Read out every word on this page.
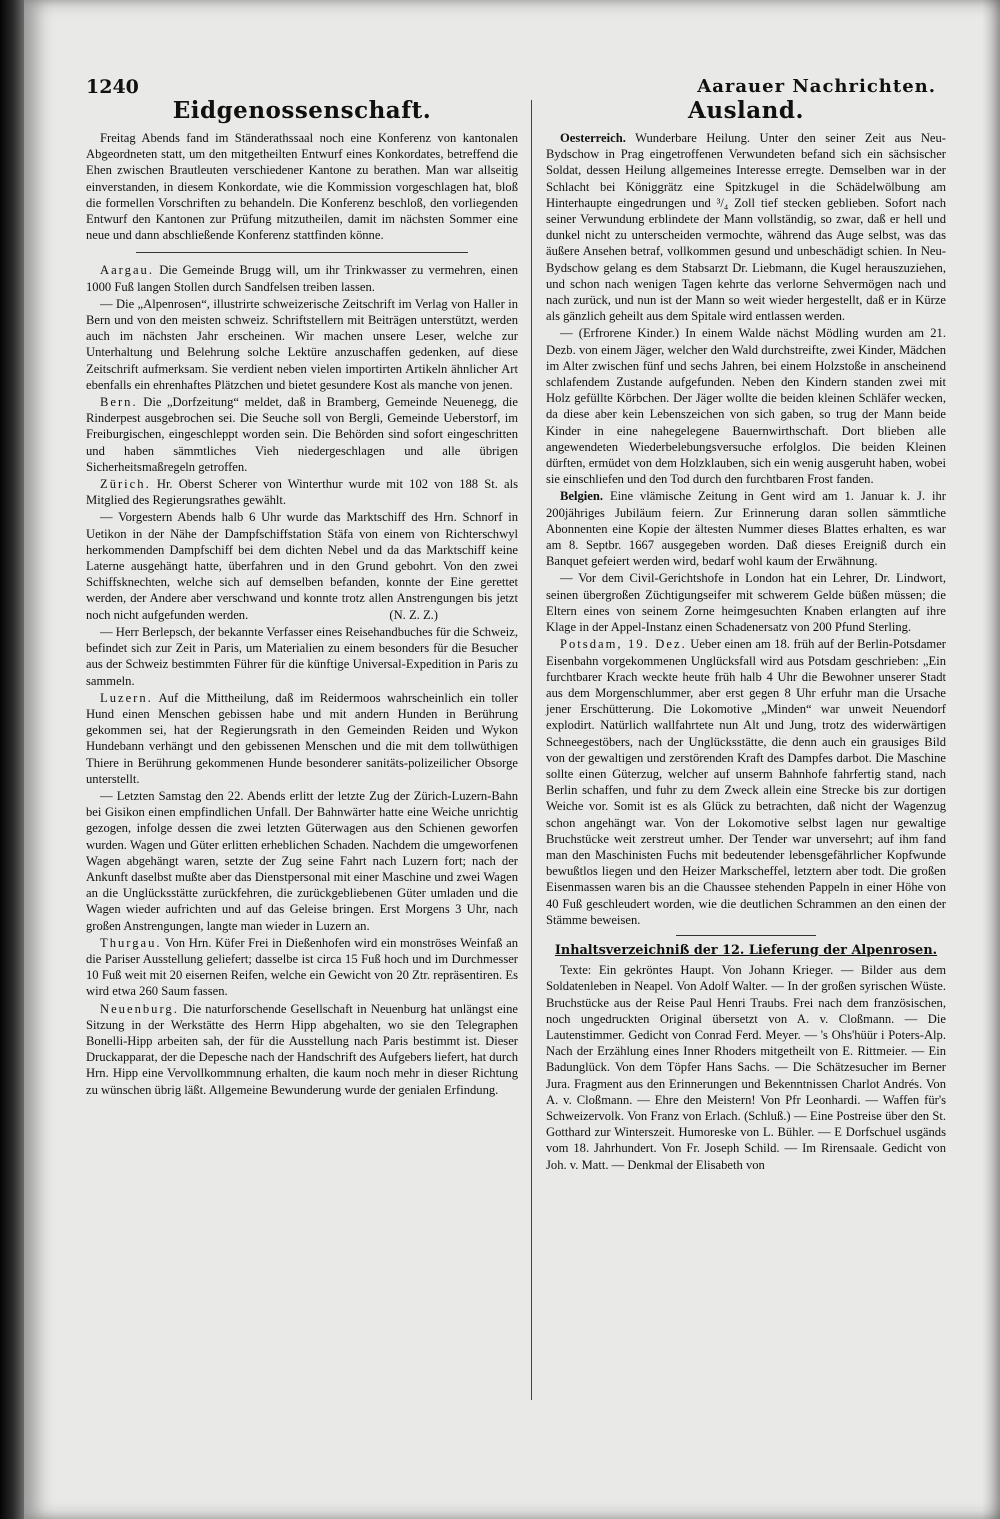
1240	Aarauer Nachrichten.
Eidgenossenschaft.

Freitag Abends fand im Ständerathssaal noch eine Konferenz von kantonalen Abgeordneten statt, um den mitgetheilten Entwurf eines Konkordates, betreffend die Ehen zwischen Brautleuten verschiedener Kantone zu berathen. Man war allseitig einverstanden, in diesem Konkordate, wie die Kommission vorgeschlagen hat, bloß die formellen Vorschriften zu behandeln. Die Konferenz beschloß, den vorliegenden Entwurf den Kantonen zur Prüfung mitzutheilen, damit im nächsten Sommer eine neue und dann abschließende Konferenz stattfinden könne.

Aargau. Die Gemeinde Brugg will, um ihr Trinkwasser zu vermehren, einen 1000 Fuß langen Stollen durch Sandfelsen treiben lassen.

— Die „Alpenrosen“, illustrirte schweizerische Zeitschrift im Verlag von Haller in Bern und von den meisten schweiz. Schriftstellern mit Beiträgen unterstützt, werden auch im nächsten Jahr erscheinen. Wir machen unsere Leser, welche zur Unterhaltung und Belehrung solche Lektüre anzuschaffen gedenken, auf diese Zeitschrift aufmerksam. Sie verdient neben vielen importirten Artikeln ähnlicher Art ebenfalls ein ehrenhaftes Plätzchen und bietet gesundere Kost als manche von jenen.

Bern. Die „Dorfzeitung“ meldet, daß in Bramberg, Gemeinde Neuenegg, die Rinderpest ausgebrochen sei. Die Seuche soll von Bergli, Gemeinde Ueberstorf, im Freiburgischen, eingeschleppt worden sein. Die Behörden sind sofort eingeschritten und haben sämmtliches Vieh niedergeschlagen und alle übrigen Sicherheitsmaßregeln getroffen.

Zürich. Hr. Oberst Scherer von Winterthur wurde mit 102 von 188 St. als Mitglied des Regierungsrathes gewählt.

— Vorgestern Abends halb 6 Uhr wurde das Marktschiff des Hrn. Schnorf in Uetikon in der Nähe der Dampfschiffstation Stäfa von einem von Richterschwyl herkommenden Dampfschiff bei dem dichten Nebel und da das Marktschiff keine Laterne ausgehängt hatte, überfahren und in den Grund gebohrt. Von den zwei Schiffsknechten, welche sich auf demselben befanden, konnte der Eine gerettet werden, der Andere aber verschwand und konnte trotz allen Anstrengungen bis jetzt noch nicht aufgefunden werden.	(N. Z. Z.)

— Herr Berlepsch, der bekannte Verfasser eines Reisehandbuches für die Schweiz, befindet sich zur Zeit in Paris, um Materialien zu einem besonders für die Besucher aus der Schweiz bestimmten Führer für die künftige Universal-Expedition in Paris zu sammeln.

Luzern. Auf die Mittheilung, daß im Reidermoos wahrscheinlich ein toller Hund einen Menschen gebissen habe und mit andern Hunden in Berührung gekommen sei, hat der Regierungsrath in den Gemeinden Reiden und Wykon Hundebann verhängt und den gebissenen Menschen und die mit dem tollwüthigen Thiere in Berührung gekommenen Hunde besonderer sanitäts-polizeilicher Obsorge unterstellt.

— Letzten Samstag den 22. Abends erlitt der letzte Zug der Zürich-Luzern-Bahn bei Gisikon einen empfindlichen Unfall. Der Bahnwärter hatte eine Weiche unrichtig gezogen, infolge dessen die zwei letzten Güterwagen aus den Schienen geworfen wurden. Wagen und Güter erlitten erheblichen Schaden. Nachdem die umgeworfenen Wagen abgehängt waren, setzte der Zug seine Fahrt nach Luzern fort; nach der Ankunft daselbst mußte aber das Dienstpersonal mit einer Maschine und zwei Wagen an die Unglücksstätte zurückfehren, die zurückgebliebenen Güter umladen und die Wagen wieder aufrichten und auf das Geleise bringen. Erst Morgens 3 Uhr, nach großen Anstrengungen, langte man wieder in Luzern an.

Thurgau. Von Hrn. Küfer Frei in Dießenhofen wird ein monströses Weinfaß an die Pariser Ausstellung geliefert; dasselbe ist circa 15 Fuß hoch und im Durchmesser 10 Fuß weit mit 20 eisernen Reifen, welche ein Gewicht von 20 Ztr. repräsentiren. Es wird etwa 260 Saum fassen.

Neuenburg. Die naturforschende Gesellschaft in Neuenburg hat unlängst eine Sitzung in der Werkstätte des Herrn Hipp abgehalten, wo sie den Telegraphen Bonelli-Hipp arbeiten sah, der für die Ausstellung nach Paris bestimmt ist. Dieser Druckapparat, der die Depesche nach der Handschrift des Aufgebers liefert, hat durch Hrn. Hipp eine Vervollkommnung erhalten, die kaum noch mehr in dieser Richtung zu wünschen übrig läßt. Allgemeine Bewunderung wurde der genialen Erfindung.

Ausland.

Oesterreich. Wunderbare Heilung. Unter den seiner Zeit aus Neu-Bydschow in Prag eingetroffenen Verwundeten befand sich ein sächsischer Soldat, dessen Heilung allgemeines Interesse erregte. Demselben war in der Schlacht bei Königgrätz eine Spitzkugel in die Schädelwölbung am Hinterhaupte eingedrungen und ³/₄ Zoll tief stecken geblieben. Sofort nach seiner Verwundung erblindete der Mann vollständig, so zwar, daß er hell und dunkel nicht zu unterscheiden vermochte, während das Auge selbst, was das äußere Ansehen betraf, vollkommen gesund und unbeschädigt schien. In Neu-Bydschow gelang es dem Stabsarzt Dr. Liebmann, die Kugel herauszuziehen, und schon nach wenigen Tagen kehrte das verlorne Sehvermögen nach und nach zurück, und nun ist der Mann so weit wieder hergestellt, daß er in Kürze als gänzlich geheilt aus dem Spitale wird entlassen werden.

— (Erfrorene Kinder.) In einem Walde nächst Mödling wurden am 21. Dezb. von einem Jäger, welcher den Wald durchstreifte, zwei Kinder, Mädchen im Alter zwischen fünf und sechs Jahren, bei einem Holzstoße in anscheinend schlafendem Zustande aufgefunden. Neben den Kindern standen zwei mit Holz gefüllte Körbchen. Der Jäger wollte die beiden kleinen Schläfer wecken, da diese aber kein Lebenszeichen von sich gaben, so trug der Mann beide Kinder in eine nahegelegene Bauernwirthschaft. Dort blieben alle angewendeten Wiederbelebungsversuche erfolglos. Die beiden Kleinen dürften, ermüdet von dem Holzklauben, sich ein wenig ausgeruht haben, wobei sie einschliefen und den Tod durch den furchtbaren Frost fanden.

Belgien. Eine vlämische Zeitung in Gent wird am 1. Januar k. J. ihr 200jähriges Jubiläum feiern. Zur Erinnerung daran sollen sämmtliche Abonnenten eine Kopie der ältesten Nummer dieses Blattes erhalten, es war am 8. Septbr. 1667 ausgegeben worden. Daß dieses Ereigniß durch ein Banquet gefeiert werden wird, bedarf wohl kaum der Erwähnung.

— Vor dem Civil-Gerichtshofe in London hat ein Lehrer, Dr. Lindwort, seinen übergroßen Züchtigungseifer mit schwerem Gelde büßen müssen; die Eltern eines von seinem Zorne heimgesuchten Knaben erlangten auf ihre Klage in der Appel-Instanz einen Schadenersatz von 200 Pfund Sterling.

Potsdam, 19. Dez. Ueber einen am 18. früh auf der Berlin-Potsdamer Eisenbahn vorgekommenen Unglücksfall wird aus Potsdam geschrieben: „Ein furchtbarer Krach weckte heute früh halb 4 Uhr die Bewohner unserer Stadt aus dem Morgenschlummer, aber erst gegen 8 Uhr erfuhr man die Ursache jener Erschütterung. Die Lokomotive „Minden“ war unweit Neuendorf explodirt. Natürlich wallfahrtete nun Alt und Jung, trotz des widerwärtigen Schneegestöbers, nach der Unglücksstätte, die denn auch ein grausiges Bild von der gewaltigen und zerstörenden Kraft des Dampfes darbot. Die Maschine sollte einen Güterzug, welcher auf unserm Bahnhofe fahrfertig stand, nach Berlin schaffen, und fuhr zu dem Zweck allein eine Strecke bis zur dortigen Weiche vor. Somit ist es als Glück zu betrachten, daß nicht der Wagenzug schon angehängt war. Von der Lokomotive selbst lagen nur gewaltige Bruchstücke weit zerstreut umher. Der Tender war unversehrt; auf ihm fand man den Maschinisten Fuchs mit bedeutender lebensgefährlicher Kopfwunde bewußtlos liegen und den Heizer Markscheffel, letztern aber todt. Die großen Eisenmassen waren bis an die Chaussee stehenden Pappeln in einer Höhe von 40 Fuß geschleudert worden, wie die deutlichen Schrammen an den einen der Stämme beweisen.

Inhaltsverzeichniß der 12. Lieferung der Alpenrosen.

Texte: Ein gekröntes Haupt. Von Johann Krieger. — Bilder aus dem Soldatenleben in Neapel. Von Adolf Walter. — In der großen syrischen Wüste. Bruchstücke aus der Reise Paul Henri Traubs. Frei nach dem französischen, noch ungedruckten Original übersetzt von A. v. Cloßmann. — Die Lautenstimmer. Gedicht von Conrad Ferd. Meyer. — 's Ohs'hüür i Poters-Alp. Nach der Erzählung eines Inner Rhoders mitgetheilt von E. Rittmeier. — Ein Badunglück. Von dem Töpfer Hans Sachs. — Die Schätzesucher im Berner Jura. Fragment aus den Erinnerungen und Bekenntnissen Charlot Andrés. Von A. v. Cloßmann. — Ehre den Meistern! Von Pfr Leonhardi. — Waffen für's Schweizervolk. Von Franz von Erlach. (Schluß.) — Eine Postreise über den St. Gotthard zur Winterszeit. Humoreske von L. Bühler. — E Dorfschuel usgänds vom 18. Jahrhundert. Von Fr. Joseph Schild. — Im Rirensaale. Gedicht von Joh. v. Matt. — Denkmal der Elisabeth von
